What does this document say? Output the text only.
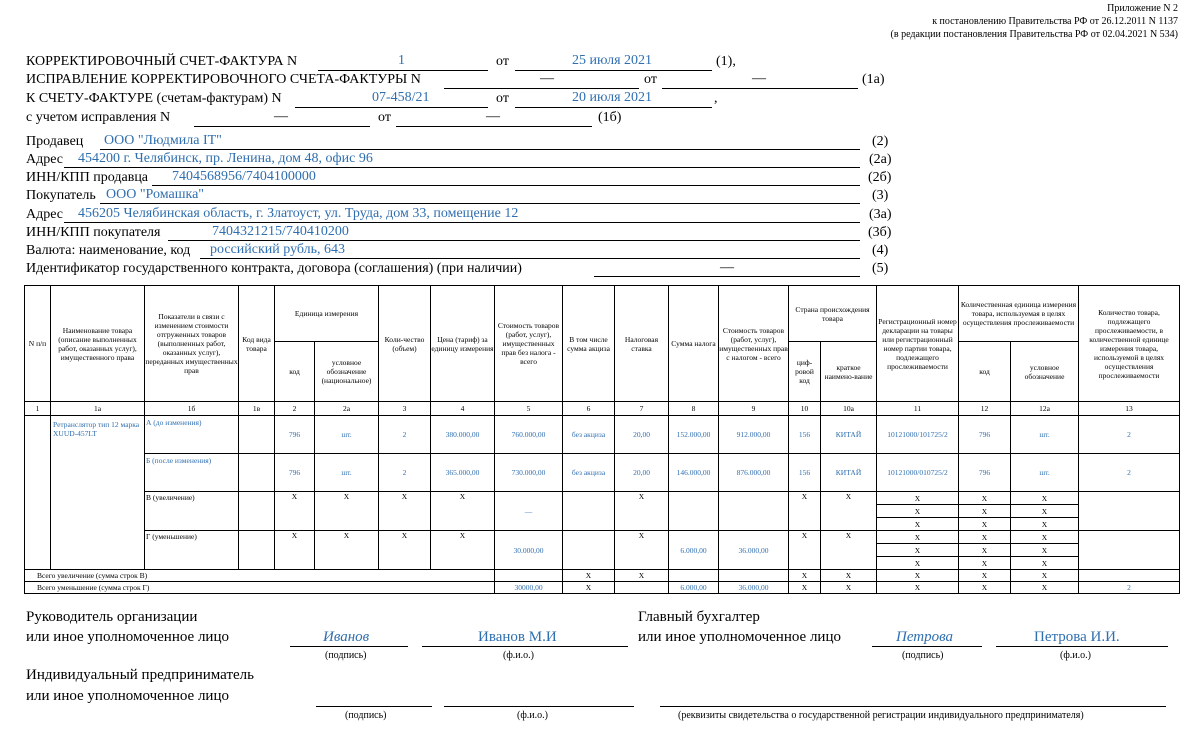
Приложение N 2
к постановлению Правительства РФ от 26.12.2011 N 1137
(в редакции постановления Правительства РФ от 02.04.2021 N 534)
КОРРЕКТИРОВОЧНЫЙ СЧЕТ-ФАКТУРА N	1	от	25 июля 2021	(1),
ИСПРАВЛЕНИЕ КОРРЕКТИРОВОЧНОГО СЧЕТА-ФАКТУРЫ N	—	от	—	(1а)
К СЧЕТУ-ФАКТУРЕ (счетам-фактурам) N	07-458/21	от	20 июля 2021	,
с учетом исправления N	—	от	—	(1б)
Продавец ООО "Людмила IT"	(2)
Адрес 454200 г. Челябинск, пр. Ленина, дом 48, офис 96	(2а)
ИНН/КПП продавца 7404568956/7404100000	(2б)
Покупатель ООО "Ромашка"	(3)
Адрес 456205 Челябинская область, г. Златоуст, ул. Труда, дом 33, помещение 12	(3а)
ИНН/КПП покупателя	7404321215/740410200	(3б)
Валюта: наименование, код российский рубль, 643	(4)
Идентификатор государственного контракта, договора (соглашения) (при наличии)	—	(5)
N п/п	Наименование товара (описание выполненных работ, оказанных услуг), имущественного права	Показатели в связи с изменением стоимости отгруженных товаров (выполненных работ, оказанных услуг), переданных имущественных прав	Код вида товара	Единица измерения		Коли-чество (объем)	Цена (тариф) за единицу измерения	Стоимость товаров (работ, услуг), имущественных прав без налога - всего	В том числе сумма акциза	Налоговая ставка	Сумма налога	Стоимость товаров (работ, услуг), имущественных прав с налогом - всего	Страна происхождения товара		Регистрационный номер декларации на товары или регистрационный номер партии товара, подлежащего прослеживаемости	Количественная единица измерения товара, используемая в целях осуществления прослеживаемости		Количество товара, подлежащего прослеживаемости, в количественной единице измерения товара, используемой в целях осуществления прослеживаемости
				код	условное обозначение (национальное)								циф-ровой код	краткое наимено-вание		код	условное обозначение	
1	1а	1б	1в	2	2а	3	4	5	6	7	8	9	10	10а	11	12	12а	13
	Ретранслятор тип 12 марка XUUD-457LT	А (до изменения)		796	шт.	2	380.000,00	760.000,00	без акциза	20,00	152.000,00	912.000,00	156	КИТАЙ	10121000/101725/2	796	шт.	2
		Б (после изменения)		796	шт.	2	365.000,00	730.000,00	без акциза	20,00	146.000,00	876.000,00	156	КИТАЙ	10121000/010725/2	796	шт.	2
		В (увеличение)		X	X	X	X	—		X			X	X	X	X	X	
															X	X	X	
															X	X	X	
		Г (уменьшение)		X	X	X	X	30.000,00		X	6.000,00	36.000,00	X	X	X	X	X	
															X	X	X	
															X	X	X	
Всего увеличение (сумма строк В)									X	X			X	X	X	X	X	
Всего уменьшение (сумма строк Г)								30000,00	X		6.000,00	36.000,00	X	X	X	X	X	2
Руководитель организации
или иное уполномоченное лицо	Иванов
(подпись)
Иванов М.И
(ф.и.о.)
Главный бухгалтер
или иное уполномоченное лицо	Петрова
(подпись)
Петрова И.И.
(ф.и.о.)
Индивидуальный предприниматель
или иное уполномоченное лицо
(подпись)	(ф.и.о.)	(реквизиты свидетельства о государственной регистрации индивидуального предпринимателя)
